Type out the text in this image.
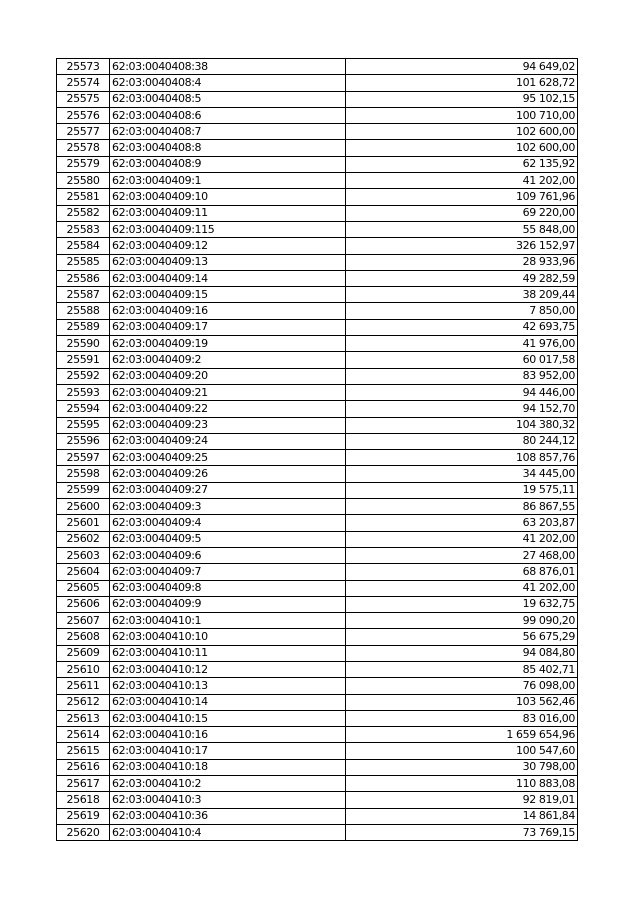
25573	62:03:0040408:38	94 649,02
25574	62:03:0040408:4	101 628,72
25575	62:03:0040408:5	95 102,15
25576	62:03:0040408:6	100 710,00
25577	62:03:0040408:7	102 600,00
25578	62:03:0040408:8	102 600,00
25579	62:03:0040408:9	62 135,92
25580	62:03:0040409:1	41 202,00
25581	62:03:0040409:10	109 761,96
25582	62:03:0040409:11	69 220,00
25583	62:03:0040409:115	55 848,00
25584	62:03:0040409:12	326 152,97
25585	62:03:0040409:13	28 933,96
25586	62:03:0040409:14	49 282,59
25587	62:03:0040409:15	38 209,44
25588	62:03:0040409:16	7 850,00
25589	62:03:0040409:17	42 693,75
25590	62:03:0040409:19	41 976,00
25591	62:03:0040409:2	60 017,58
25592	62:03:0040409:20	83 952,00
25593	62:03:0040409:21	94 446,00
25594	62:03:0040409:22	94 152,70
25595	62:03:0040409:23	104 380,32
25596	62:03:0040409:24	80 244,12
25597	62:03:0040409:25	108 857,76
25598	62:03:0040409:26	34 445,00
25599	62:03:0040409:27	19 575,11
25600	62:03:0040409:3	86 867,55
25601	62:03:0040409:4	63 203,87
25602	62:03:0040409:5	41 202,00
25603	62:03:0040409:6	27 468,00
25604	62:03:0040409:7	68 876,01
25605	62:03:0040409:8	41 202,00
25606	62:03:0040409:9	19 632,75
25607	62:03:0040410:1	99 090,20
25608	62:03:0040410:10	56 675,29
25609	62:03:0040410:11	94 084,80
25610	62:03:0040410:12	85 402,71
25611	62:03:0040410:13	76 098,00
25612	62:03:0040410:14	103 562,46
25613	62:03:0040410:15	83 016,00
25614	62:03:0040410:16	1 659 654,96
25615	62:03:0040410:17	100 547,60
25616	62:03:0040410:18	30 798,00
25617	62:03:0040410:2	110 883,08
25618	62:03:0040410:3	92 819,01
25619	62:03:0040410:36	14 861,84
25620	62:03:0040410:4	73 769,15
